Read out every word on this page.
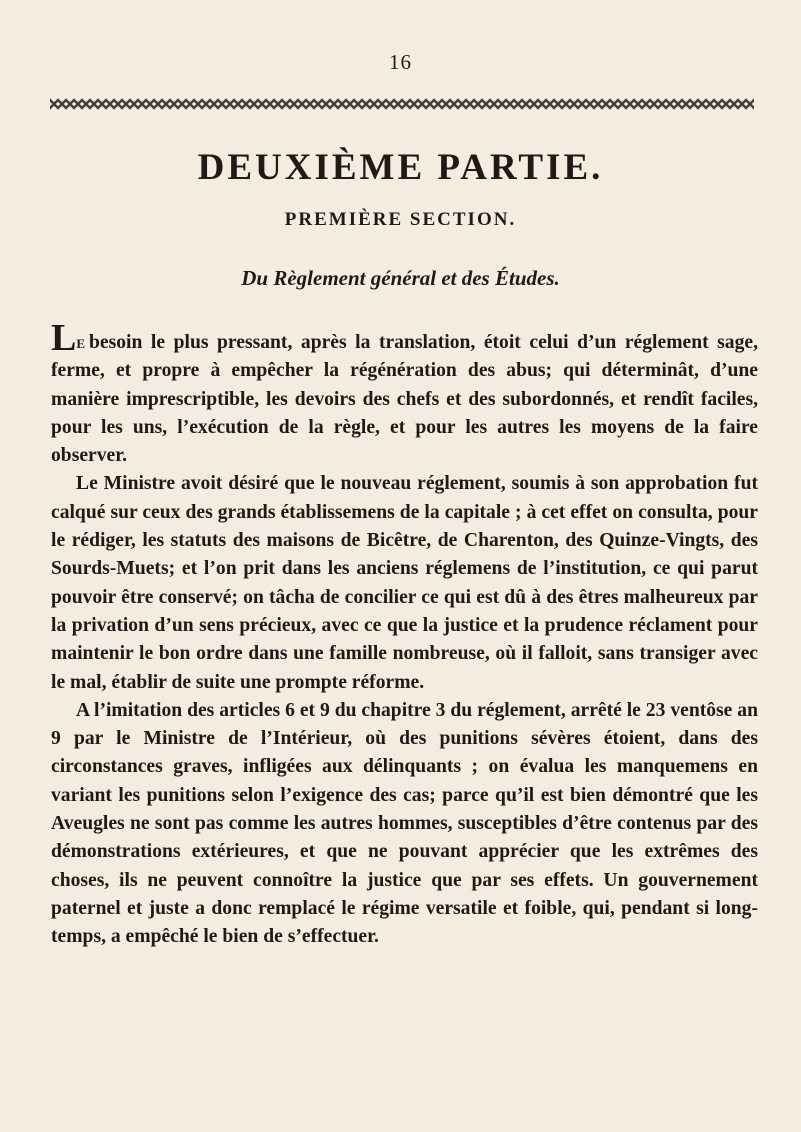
16
DEUXIÈME PARTIE.
PREMIÈRE SECTION.
Du Règlement général et des Études.

Le besoin le plus pressant, après la translation, étoit celui d’un réglement sage, ferme, et propre à empêcher la régénération des abus; qui déterminât, d’une manière imprescriptible, les devoirs des chefs et des subordonnés, et rendît faciles, pour les uns, l’exécution de la règle, et pour les autres les moyens de la faire observer.

Le Ministre avoit désiré que le nouveau réglement, soumis à son approbation fut calqué sur ceux des grands établissemens de la capitale ; à cet effet on consulta, pour le rédiger, les statuts des maisons de Bicêtre, de Charenton, des Quinze-Vingts, des Sourds-Muets; et l’on prit dans les anciens réglemens de l’institution, ce qui parut pouvoir être conservé; on tâcha de concilier ce qui est dû à des êtres malheureux par la privation d’un sens précieux, avec ce que la justice et la prudence réclament pour maintenir le bon ordre dans une famille nombreuse, où il falloit, sans transiger avec le mal, établir de suite une prompte réforme.

A l’imitation des articles 6 et 9 du chapitre 3 du réglement, arrêté le 23 ventôse an 9 par le Ministre de l’Intérieur, où des punitions sévères étoient, dans des circonstances graves, infligées aux délinquants ; on évalua les manquemens en variant les punitions selon l’exigence des cas; parce qu’il est bien démontré que les Aveugles ne sont pas comme les autres hommes, susceptibles d’être contenus par des démonstrations extérieures, et que ne pouvant apprécier que les extrêmes des choses, ils ne peuvent connoître la justice que par ses effets. Un gouvernement paternel et juste a donc remplacé le régime versatile et foible, qui, pendant si long-temps, a empêché le bien de s’effectuer.
